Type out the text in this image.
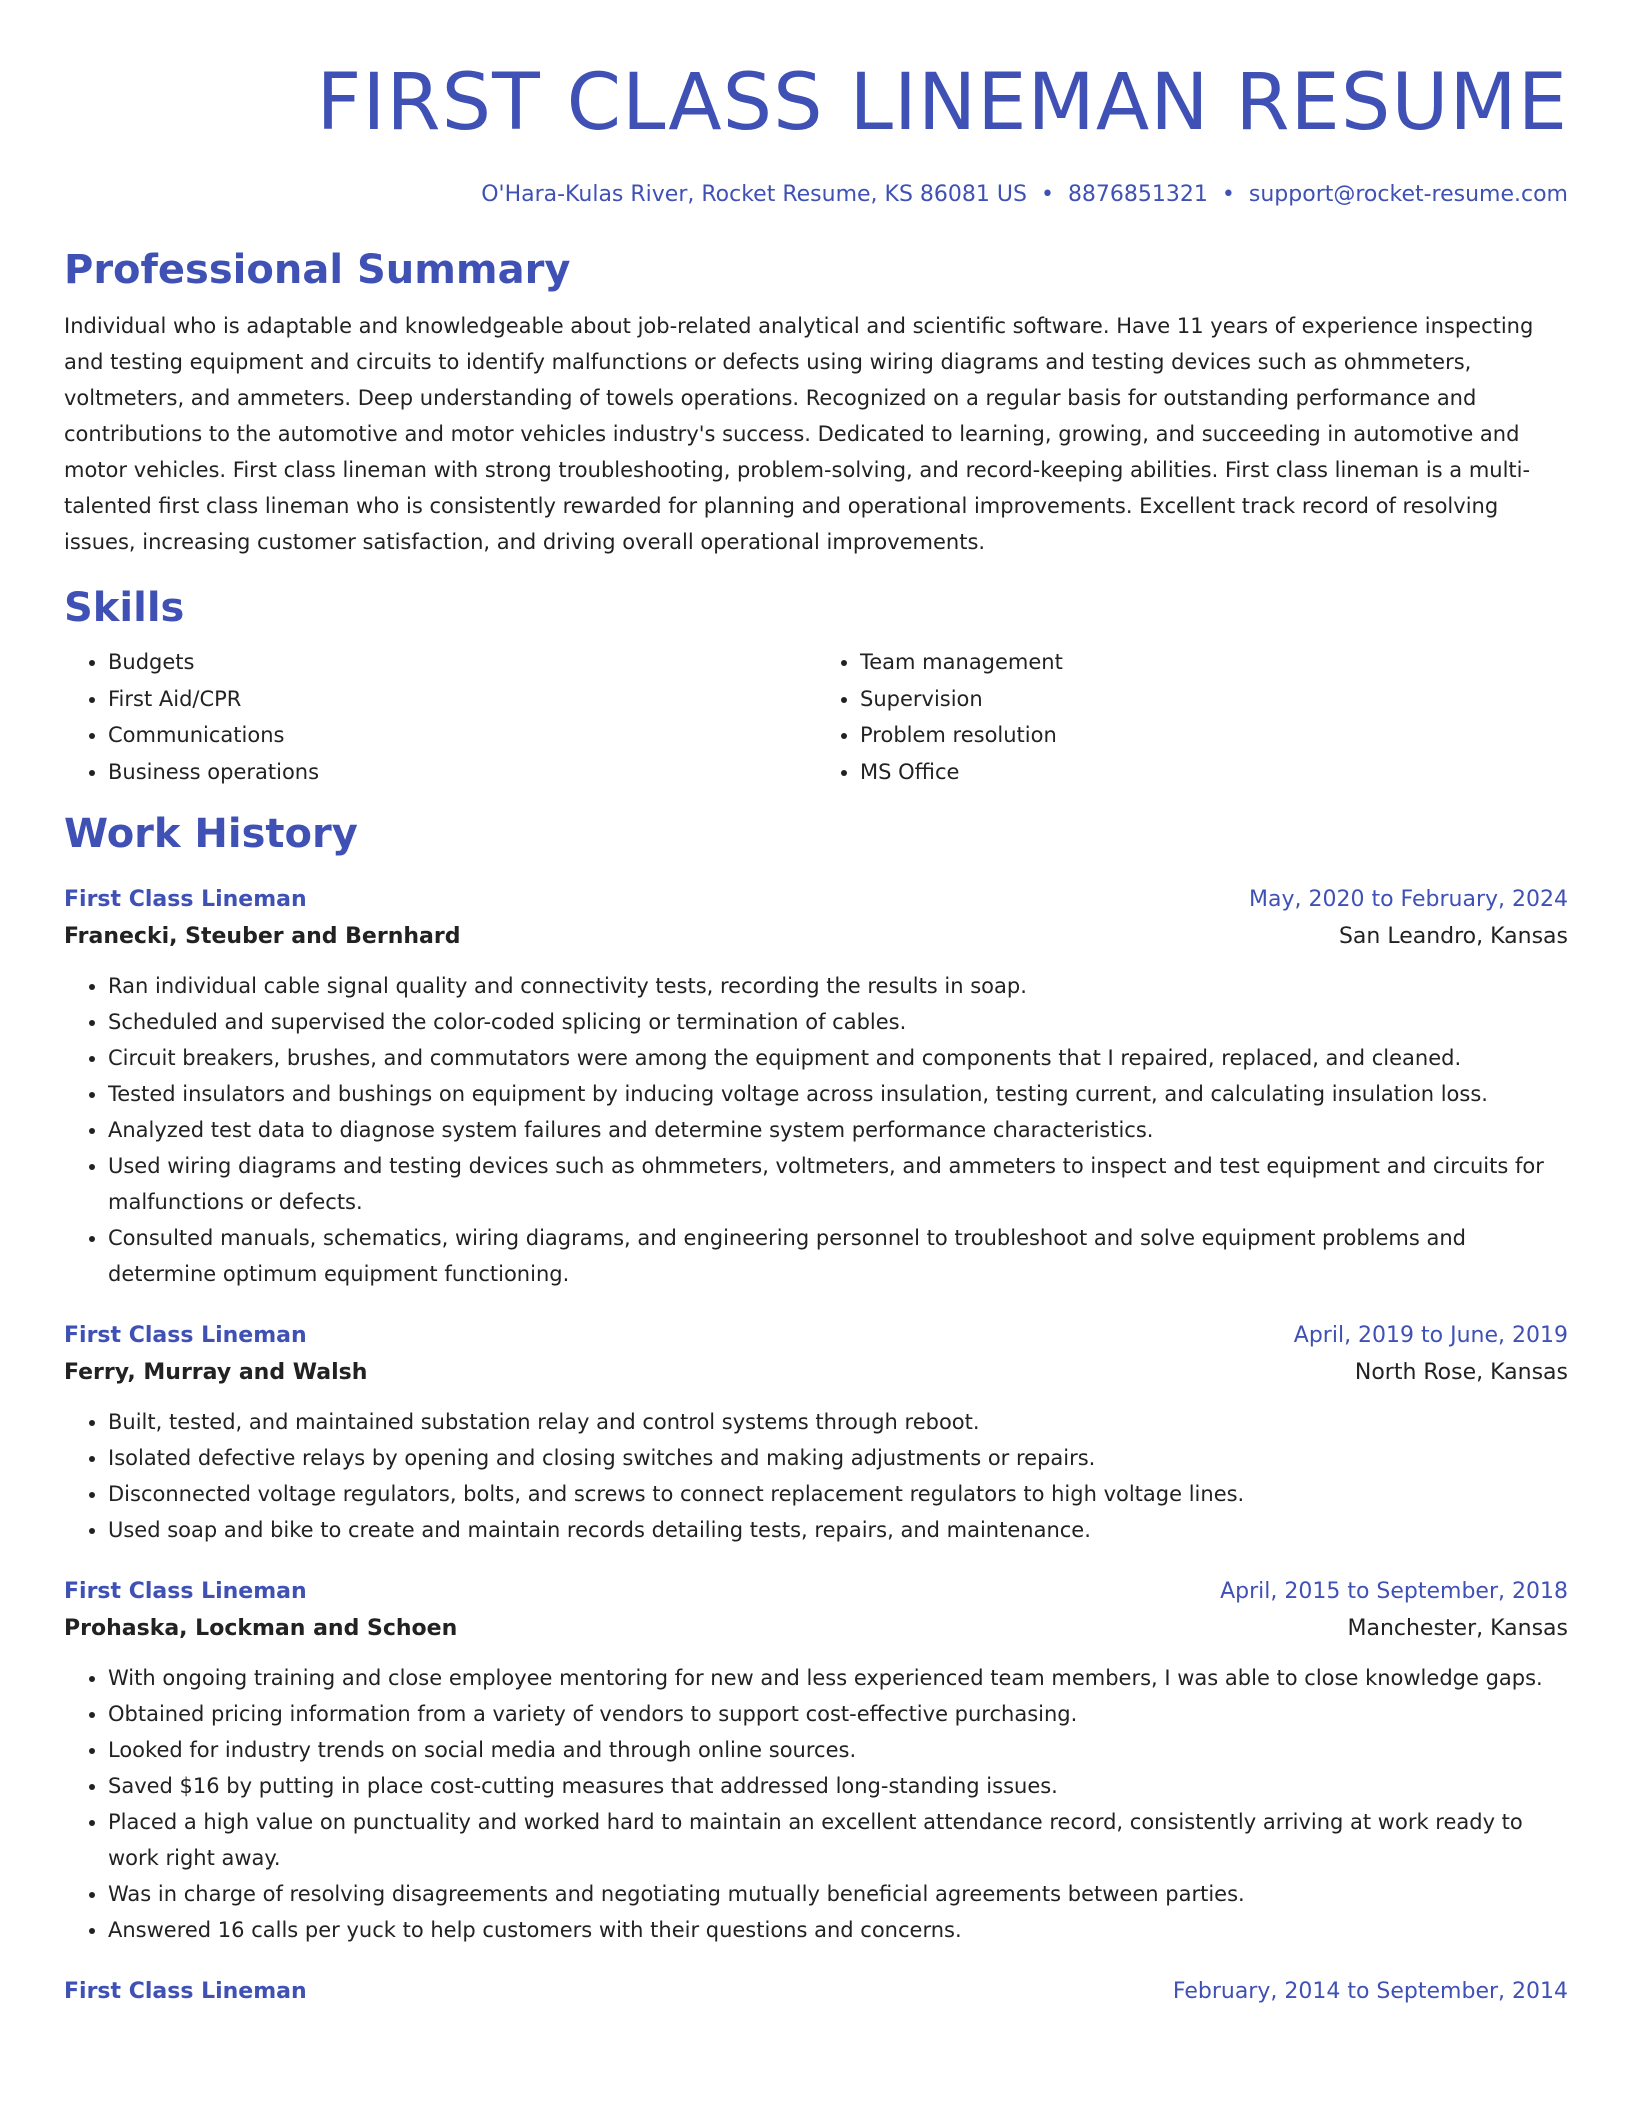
FIRST CLASS LINEMAN RESUME
O'Hara-Kulas River, Rocket Resume, KS 86081 US • 8876851321 • support@rocket-resume.com
Professional Summary

Individual who is adaptable and knowledgeable about job-related analytical and scientific software. Have 11 years of experience inspecting and testing equipment and circuits to identify malfunctions or defects using wiring diagrams and testing devices such as ohmmeters, voltmeters, and ammeters. Deep understanding of towels operations. Recognized on a regular basis for outstanding performance and contributions to the automotive and motor vehicles industry's success. Dedicated to learning, growing, and succeeding in automotive and motor vehicles. First class lineman with strong troubleshooting, problem-solving, and record-keeping abilities. First class lineman is a multi-talented first class lineman who is consistently rewarded for planning and operational improvements. Excellent track record of resolving issues, increasing customer satisfaction, and driving overall operational improvements.

Skills
• Budgets
• First Aid/CPR
• Communications
• Business operations
• Team management
• Supervision
• Problem resolution
• MS Office
Work History
First Class Lineman	May, 2020 to February, 2024
Franecki, Steuber and Bernhard	San Leandro, Kansas
• Ran individual cable signal quality and connectivity tests, recording the results in soap.
• Scheduled and supervised the color-coded splicing or termination of cables.
• Circuit breakers, brushes, and commutators were among the equipment and components that I repaired, replaced, and cleaned.
• Tested insulators and bushings on equipment by inducing voltage across insulation, testing current, and calculating insulation loss.
• Analyzed test data to diagnose system failures and determine system performance characteristics.
• Used wiring diagrams and testing devices such as ohmmeters, voltmeters, and ammeters to inspect and test equipment and circuits for malfunctions or defects.
• Consulted manuals, schematics, wiring diagrams, and engineering personnel to troubleshoot and solve equipment problems and determine optimum equipment functioning.
First Class Lineman	April, 2019 to June, 2019
Ferry, Murray and Walsh	North Rose, Kansas
• Built, tested, and maintained substation relay and control systems through reboot.
• Isolated defective relays by opening and closing switches and making adjustments or repairs.
• Disconnected voltage regulators, bolts, and screws to connect replacement regulators to high voltage lines.
• Used soap and bike to create and maintain records detailing tests, repairs, and maintenance.
First Class Lineman	April, 2015 to September, 2018
Prohaska, Lockman and Schoen	Manchester, Kansas
• With ongoing training and close employee mentoring for new and less experienced team members, I was able to close knowledge gaps.
• Obtained pricing information from a variety of vendors to support cost-effective purchasing.
• Looked for industry trends on social media and through online sources.
• Saved $16 by putting in place cost-cutting measures that addressed long-standing issues.
• Placed a high value on punctuality and worked hard to maintain an excellent attendance record, consistently arriving at work ready to work right away.
• Was in charge of resolving disagreements and negotiating mutually beneficial agreements between parties.
• Answered 16 calls per yuck to help customers with their questions and concerns.
First Class Lineman	February, 2014 to September, 2014
